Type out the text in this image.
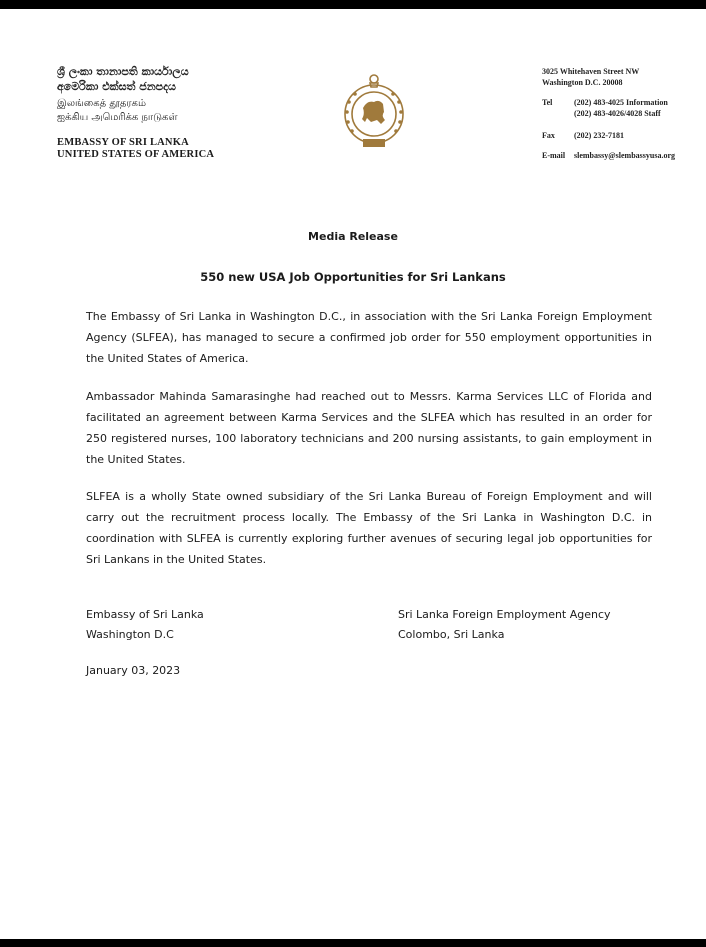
ශ්‍රී ලංකා තානාපති කාර්යාලය
අමෙරිකා එක්සත් ජනපදය
இலங்கைத் தூதரகம்
ஐக்கிய அமெரிக்க நாடுகள்
EMBASSY OF SRI LANKA
UNITED STATES OF AMERICA
3025 Whitehaven Street NW
Washington D.C. 20008
Tel	(202) 483-4025 Information
(202) 483-4026/4028 Staff
Fax	(202) 232-7181
E-mail	slembassy@slembassyusa.org
Media Release
550 new USA Job Opportunities for Sri Lankans
The Embassy of Sri Lanka in Washington D.C., in association with the Sri Lanka Foreign Employment Agency (SLFEA), has managed to secure a confirmed job order for 550 employment opportunities in the United States of America.
Ambassador Mahinda Samarasinghe had reached out to Messrs. Karma Services LLC of Florida and facilitated an agreement between Karma Services and the SLFEA which has resulted in an order for 250 registered nurses, 100 laboratory technicians and 200 nursing assistants, to gain employment in the United States.
SLFEA is a wholly State owned subsidiary of the Sri Lanka Bureau of Foreign Employment and will carry out the recruitment process locally. The Embassy of the Sri Lanka in Washington D.C. in coordination with SLFEA is currently exploring further avenues of securing legal job opportunities for Sri Lankans in the United States.
Embassy of Sri Lanka
Washington D.C
Sri Lanka Foreign Employment Agency
Colombo, Sri Lanka
January 03, 2023
